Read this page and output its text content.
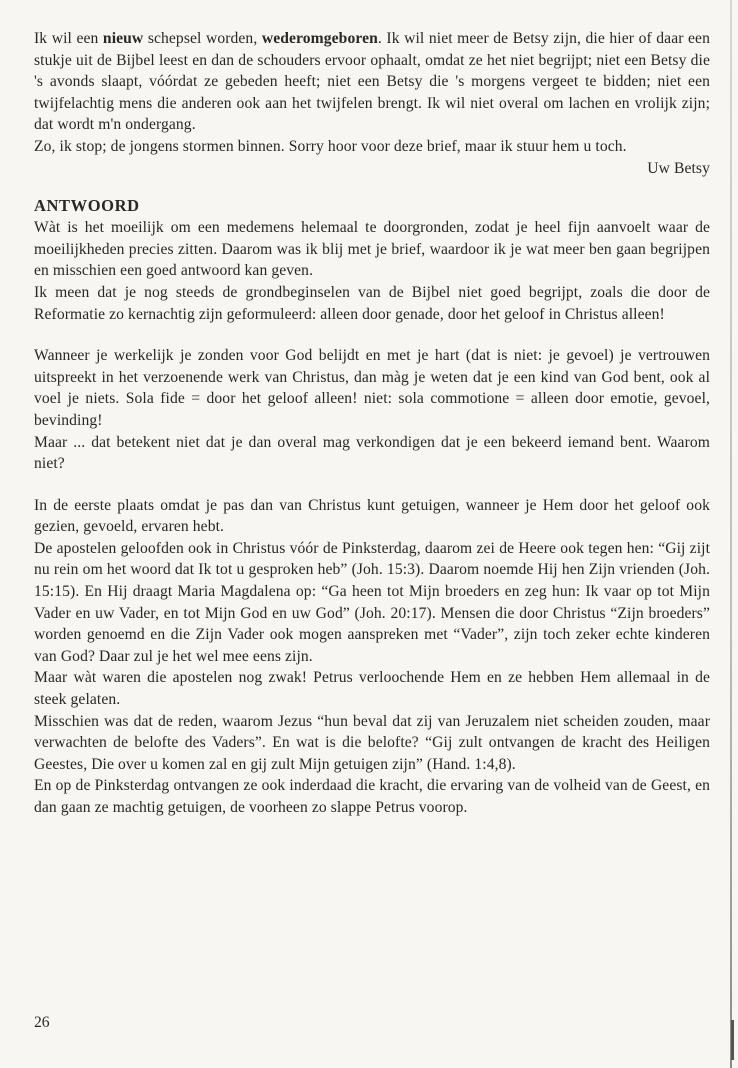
Ik wil een nieuw schepsel worden, wederomgeboren. Ik wil niet meer de Betsy zijn, die hier of daar een stukje uit de Bijbel leest en dan de schouders ervoor ophaalt, omdat ze het niet begrijpt; niet een Betsy die 's avonds slaapt, vóórdat ze gebeden heeft; niet een Betsy die 's morgens vergeet te bidden; niet een twijfelachtig mens die anderen ook aan het twijfelen brengt. Ik wil niet overal om lachen en vrolijk zijn; dat wordt m'n ondergang.

Zo, ik stop; de jongens stormen binnen. Sorry hoor voor deze brief, maar ik stuur hem u toch.

Uw Betsy

ANTWOORD

Wàt is het moeilijk om een medemens helemaal te doorgronden, zodat je heel fijn aanvoelt waar de moeilijkheden precies zitten. Daarom was ik blij met je brief, waardoor ik je wat meer ben gaan begrijpen en misschien een goed antwoord kan geven.

Ik meen dat je nog steeds de grondbeginselen van de Bijbel niet goed begrijpt, zoals die door de Reformatie zo kernachtig zijn geformuleerd: alleen door genade, door het geloof in Christus alleen!

Wanneer je werkelijk je zonden voor God belijdt en met je hart (dat is niet: je gevoel) je vertrouwen uitspreekt in het verzoenende werk van Christus, dan màg je weten dat je een kind van God bent, ook al voel je niets. Sola fide = door het geloof alleen! niet: sola commotione = alleen door emotie, gevoel, bevinding!

Maar ... dat betekent niet dat je dan overal mag verkondigen dat je een bekeerd iemand bent. Waarom niet?

In de eerste plaats omdat je pas dan van Christus kunt getuigen, wanneer je Hem door het geloof ook gezien, gevoeld, ervaren hebt.

De apostelen geloofden ook in Christus vóór de Pinksterdag, daarom zei de Heere ook tegen hen: “Gij zijt nu rein om het woord dat Ik tot u gesproken heb” (Joh. 15:3). Daarom noemde Hij hen Zijn vrienden (Joh. 15:15). En Hij draagt Maria Magdalena op: “Ga heen tot Mijn broeders en zeg hun: Ik vaar op tot Mijn Vader en uw Vader, en tot Mijn God en uw God” (Joh. 20:17). Mensen die door Christus “Zijn broeders” worden genoemd en die Zijn Vader ook mogen aanspreken met “Vader”, zijn toch zeker echte kinderen van God? Daar zul je het wel mee eens zijn.

Maar wàt waren die apostelen nog zwak! Petrus verloochende Hem en ze hebben Hem allemaal in de steek gelaten.

Misschien was dat de reden, waarom Jezus “hun beval dat zij van Jeruzalem niet scheiden zouden, maar verwachten de belofte des Vaders”. En wat is die belofte? “Gij zult ontvangen de kracht des Heiligen Geestes, Die over u komen zal en gij zult Mijn getuigen zijn” (Hand. 1:4,8).

En op de Pinksterdag ontvangen ze ook inderdaad die kracht, die ervaring van de volheid van de Geest, en dan gaan ze machtig getuigen, de voorheen zo slappe Petrus voorop.

26
